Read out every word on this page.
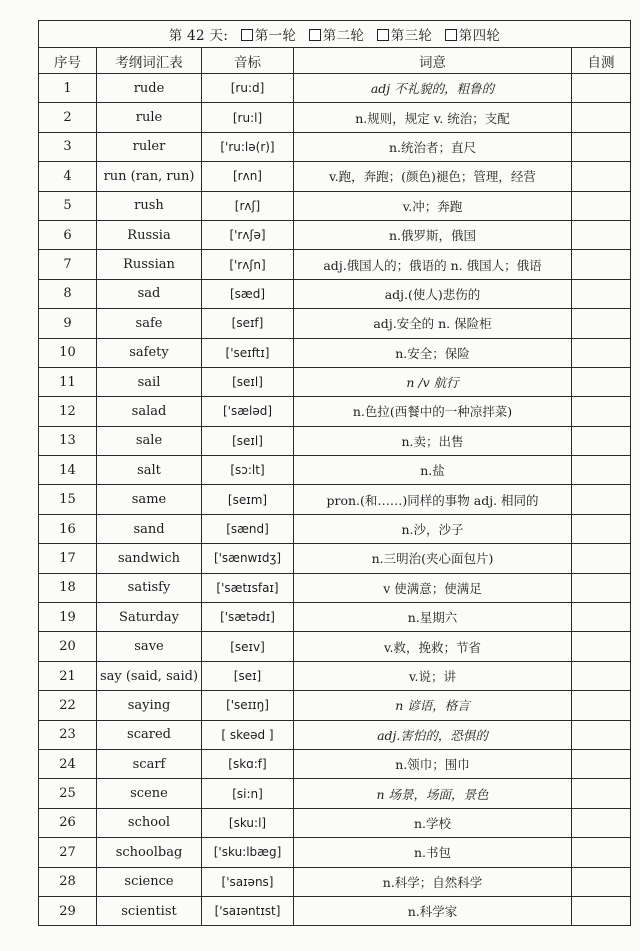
第 42 天: 第一轮 第二轮 第三轮 第四轮				
序号	考纲词汇表	音标	词意	自测
1	rude	[ru:d]	adj 不礼貌的，粗鲁的	
2	rule	[ru:l]	n.规则，规定 v. 统治；支配	
3	ruler	['ru:lə(r)]	n.统治者；直尺	
4	run (ran, run)	[rʌn]	v.跑，奔跑；(颜色)褪色；管理，经营	
5	rush	[rʌʃ]	v.冲；奔跑	
6	Russia	['rʌʃə]	n.俄罗斯，俄国	
7	Russian	['rʌʃn]	adj.俄国人的；俄语的 n. 俄国人；俄语	
8	sad	[sæd]	adj.(使人)悲伤的	
9	safe	[seɪf]	adj.安全的 n. 保险柜	
10	safety	['seɪftɪ]	n.安全；保险	
11	sail	[seɪl]	n /v 航行	
12	salad	['sæləd]	n.色拉(西餐中的一种凉拌菜)	
13	sale	[seɪl]	n.卖；出售	
14	salt	[sɔ:lt]	n.盐	
15	same	[seɪm]	pron.(和……)同样的事物 adj. 相同的	
16	sand	[sænd]	n.沙，沙子	
17	sandwich	['sænwɪdʒ]	n.三明治(夹心面包片)	
18	satisfy	['sætɪsfaɪ]	v 使满意；使满足	
19	Saturday	['sætədɪ]	n.星期六	
20	save	[seɪv]	v.救，挽救；节省	
21	say (said, said)	[seɪ]	v.说；讲	
22	saying	['seɪɪŋ]	n 谚语，格言	
23	scared	[ skeəd ]	adj.害怕的，恐惧的	
24	scarf	[skɑ:f]	n.领巾；围巾	
25	scene	[si:n]	n 场景，场面，景色	
26	school	[sku:l]	n.学校	
27	schoolbag	['sku:lbæg]	n.书包	
28	science	['saɪəns]	n.科学；自然科学	
29	scientist	['saɪəntɪst]	n.科学家	
